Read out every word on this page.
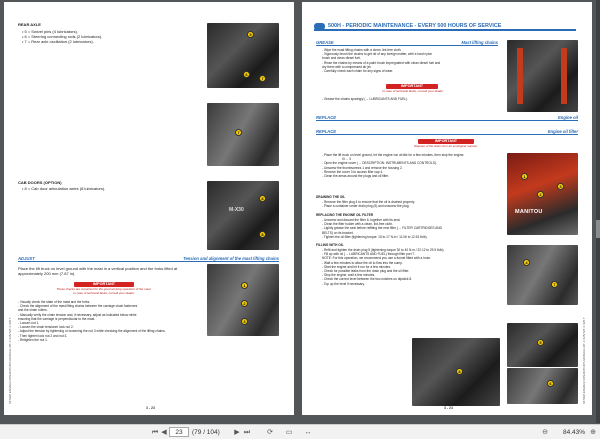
REAR AXLE
• 5 = Swivel pins (4 lubricators).
• 6 = Steering connecting rods (2 lubricators).
• 7 = Rear axle oscillation (2 lubricators).
5
6
7
7
CAB DOORS (OPTION)
• 8 = Cab door articulation axles (8 lubricators).
M-X30
8
8
ADJUST	Tension and alignment of the mast lifting chains
Place the lift truck on level ground with the mast in a vertical position and the forks lifted at approximately 200 mm (7.87 in).
IMPORTANT
These checks are important for the good working operation of the mast.
In case of technical faults, consult your dealer.
- Visually check the state of the mast and the forks.
- Check the alignment of the mast lifting chains between the carriage chain fasteners
and the chain rollers.
- Manually verify the chain tension and, if necessary, adjust as indicated below while
ensuring that the carriage is perpendicular to the mast.
- Loosen nut 1.
- Loosen the chain tensioner lock nut 2.
- Adjust the tension by tightening or loosening the nut 3 while checking the alignment of the lifting chains.
- Then tighten lock nut 2 and nut 3.
- Retighten the nut 1.
1
2
3
3 - 23
647938 EN/2022 OPERATOR'S MANUAL MT-X 625/ MT-X 625 T
500H - PERIODIC MAINTENANCE - EVERY 500 HOURS OF SERVICE
GREASE	Mast lifting chains
- Wipe the mast lifting chains with a clean, lint-free cloth.
- Vigorously brush the chains to get rid of any foreign matter, with a hard nylon
brush and clean diesel fuel.
- Rinse the chains by means of a paint brush impregnated with clean diesel fuel and
dry them with a compressed air jet.
- Carefully check each chain for any signs of wear.
IMPORTANT
In case of technical faults, consult your dealer.
- Grease the chains sparingly (→ LUBRICANTS AND FUEL).
REPLACE	Engine oil
REPLACE	Engine oil filter
IMPORTANT
Dispose of the drain oil in an ecological manner.
- Place the lift truck on level ground, let the engine run at idle for a few minutes, then stop the engine.
III ... 3
- Open the engine cover (→ DESCRIPTION: INSTRUMENTS AND CONTROLS).
- Unscrew the thumbscrews 1 and remove the housing 2.
- Remove the cover 3 to access filler cap 4.
- Clean the areas around the plugs and oil filter.
DRAINING THE OIL
- Remove the filler plug 4 to ensure that the oil is drained properly.
- Place a container under drain plug (5) and unscrew the plug.
REPLACING THE ENGINE OIL FILTER
- Unscrew and discard the filter 6, together with its seal.
- Clean the filter holder with a clean, lint-free cloth.
- Lightly grease the seal before refitting the new filter (→ FILTER CARTRIDGES AND
BELTS) on its bracket.
- Tighten the oil filter (tightening torque: 15 to 17 N.m / 11.06 to 12.53 ft•lb).
FILLING WITH OIL
- Refit and tighten the drain plug 5 (tightening torque 30 to 40 N.m / 22.12 to 29.5 ft•lb).
- Fill up with oil (→ LUBRICANTS AND FUEL) through filler port 7.
NOTE: For this operation, we recommend you use a funnel fitted with a hose.
- Wait a few minutes to allow the oil to flow into the sump.
- Start the engine and let it run for a few minutes.
- Check for possible leaks from the drain plug and the oil filter.
- Stop the engine, wait a few minutes.
- Check the correct level between the two notches on dipstick 8.
- Top up the level if necessary.
MANITOU
1
2
3
4
7
5
6
8
3 - 24
647938 EN/2022 OPERATOR'S MANUAL MT-X 625/ MT-X 625 T
⏮ ◀	23	(79 / 104)	▶ ⏭ ⟳ ▭ ↔	⊖	84.43% ⊕
